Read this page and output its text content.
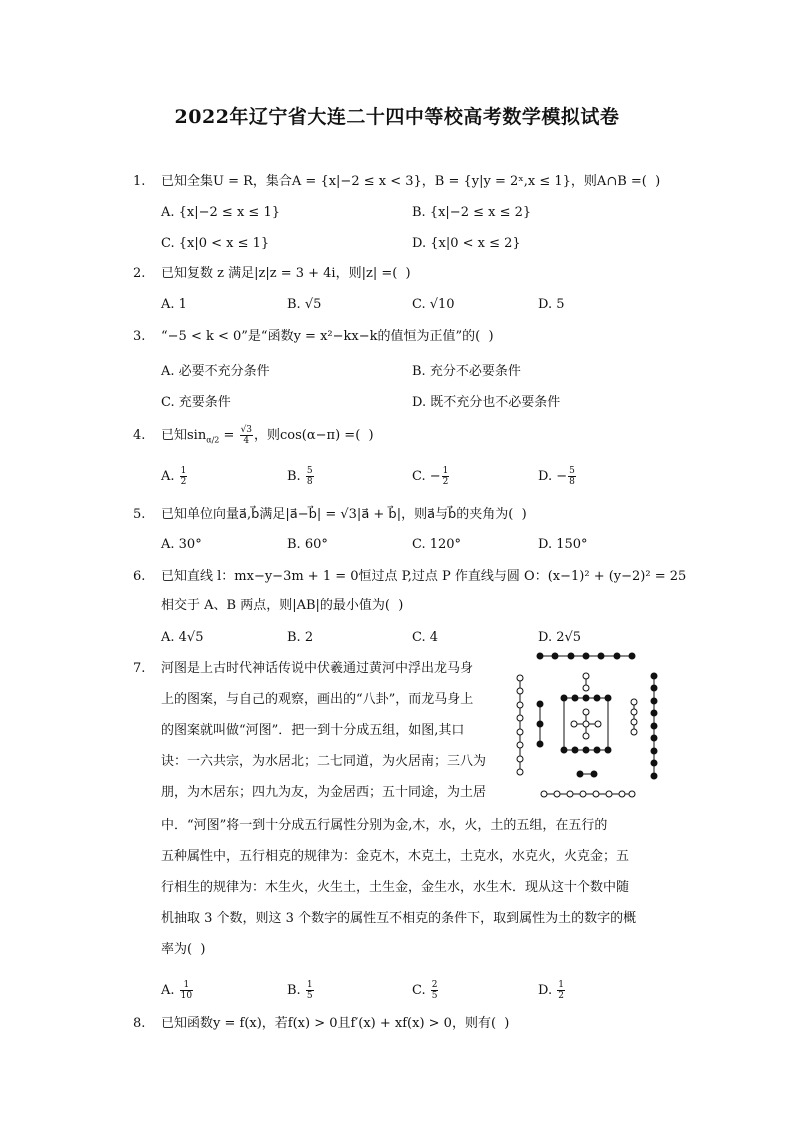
2022年辽宁省大连二十四中等校高考数学模拟试卷
1.	已知全集U = R，集合A = {x|−2 ≤ x < 3}，B = {y|y = 2ˣ,x ≤ 1}，则A∩B =(  )
A. {x|−2 ≤ x ≤ 1}	B. {x|−2 ≤ x ≤ 2}
C. {x|0 < x ≤ 1}	D. {x|0 < x ≤ 2}
2.	已知复数 z 满足|z|z = 3 + 4i，则|z| =(  )
A. 1	B. √5	C. √10	D. 5
3.	“−5 < k < 0”是“函数y = x²−kx−k的值恒为正值”的(  )
A. 必要不充分条件	B. 充分不必要条件
C. 充要条件	D. 既不充分也不必要条件
4.	已知$\sin_{\alpha/2} = \frac{√3}{4}$ ，则cos(α−π) =(  )
A. $\frac{1}{2}$	B. $\frac{5}{8}$	C. − $\frac{1}{2}$	D. − $\frac{5}{8}$
5.	已知单位向量a⃗,b⃗满足|a⃗−b⃗| = √3|a⃗ + b⃗|，则a⃗与b⃗的夹角为(  )
A. 30°	B. 60°	C. 120°	D. 150°
6.	已知直线 l：mx−y−3m + 1 = 0恒过点 P,过点 P 作直线与圆 O：(x−1)² + (y−2)² = 25
相交于 A、B 两点，则|AB|的最小值为(  )
A. 4√5	B. 2	C. 4	D. 2√5
7.	河图是上古时代神话传说中伏羲通过黄河中浮出龙马身
上的图案，与自己的观察，画出的“八卦”，而龙马身上
的图案就叫做“河图”．把一到十分成五组，如图,其口
诀：一六共宗，为水居北；二七同道，为火居南；三八为
朋，为木居东；四九为友，为金居西；五十同途，为土居
中．“河图”将一到十分成五行属性分别为金,木，水，火，土的五组，在五行的
五种属性中，五行相克的规律为：金克木，木克土，土克水，水克火，火克金；五
行相生的规律为：木生火，火生土，土生金，金生水，水生木．现从这十个数中随
机抽取 3 个数，则这 3 个数字的属性互不相克的条件下，取到属性为土的数字的概
率为(  )
A. $\frac{1}{10}$	B. $\frac{1}{5}$	C. $\frac{2}{5}$	D. $\frac{1}{2}$
8.	已知函数y = f(x)，若f(x) > 0且f′(x) + xf(x) > 0，则有(  )
